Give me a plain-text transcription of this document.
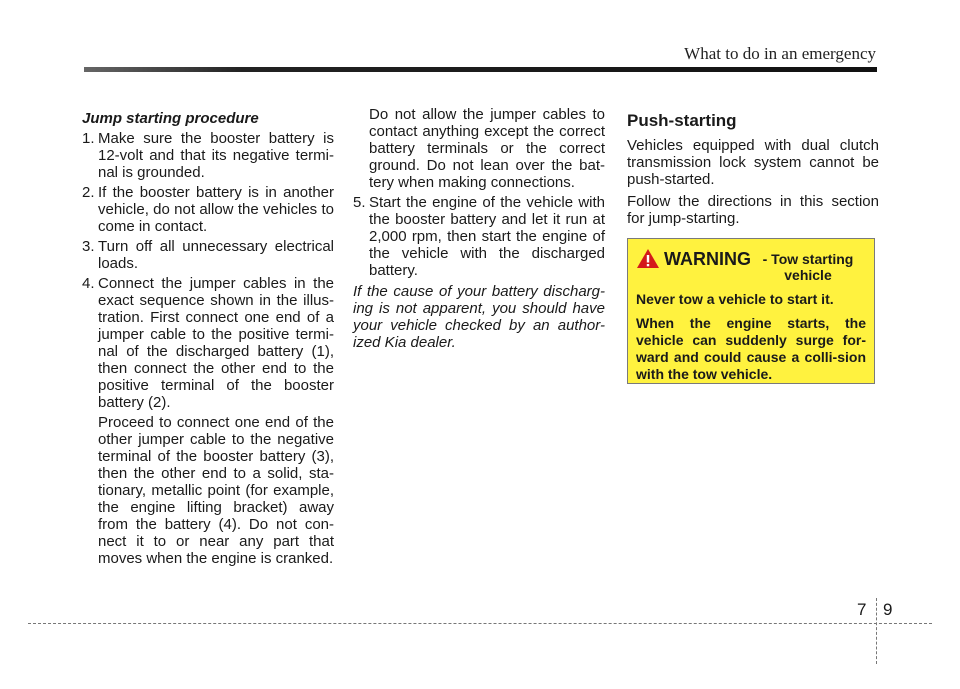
What to do in an emergency
Jump starting procedure
1. Make sure the booster battery is 12-volt and that its negative termi-nal is grounded.
2. If the booster battery is in another vehicle, do not allow the vehicles to come in contact.
3. Turn off all unnecessary electrical loads.
4. Connect the jumper cables in the exact sequence shown in the illus-tration. First connect one end of a jumper cable to the positive termi-nal of the discharged battery (1), then connect the other end to the positive terminal of the booster battery (2).
Proceed to connect one end of the other jumper cable to the negative terminal of the booster battery (3), then the other end to a solid, sta-tionary, metallic point (for example, the engine lifting bracket) away from the battery (4). Do not con-nect it to or near any part that moves when the engine is cranked.
Do not allow the jumper cables to contact anything except the correct battery terminals or the correct ground. Do not lean over the bat-tery when making connections.
5. Start the engine of the vehicle with the booster battery and let it run at 2,000 rpm, then start the engine of the vehicle with the discharged battery.
If the cause of your battery discharg-ing is not apparent, you should have your vehicle checked by an author-ized Kia dealer.
Push-starting
Vehicles equipped with dual clutch transmission lock system cannot be push-started.
Follow the directions in this section for jump-starting.
WARNING - Tow starting vehicle
Never tow a vehicle to start it.
When the engine starts, the vehicle can suddenly surge for-ward and could cause a colli-sion with the tow vehicle.
7 9
